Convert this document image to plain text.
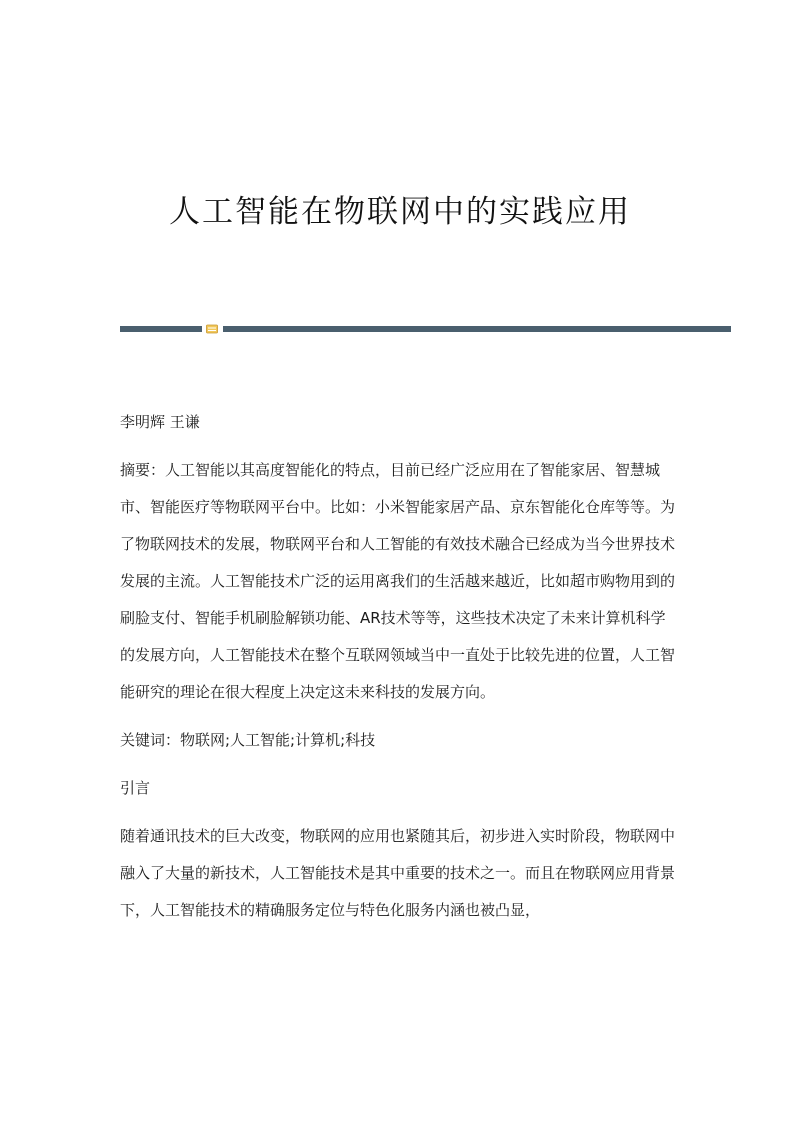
人工智能在物联网中的实践应用

李明辉 王谦

摘要：人工智能以其高度智能化的特点，目前已经广泛应用在了智能家居、智慧城市、智能医疗等物联网平台中。比如：小米智能家居产品、京东智能化仓库等等。为了物联网技术的发展，物联网平台和人工智能的有效技术融合已经成为当今世界技术发展的主流。人工智能技术广泛的运用离我们的生活越来越近，比如超市购物用到的刷脸支付、智能手机刷脸解锁功能、AR技术等等，这些技术决定了未来计算机科学的发展方向，人工智能技术在整个互联网领域当中一直处于比较先进的位置，人工智能研究的理论在很大程度上决定这未来科技的发展方向。

关键词：物联网;人工智能;计算机;科技

引言

随着通讯技术的巨大改变，物联网的应用也紧随其后，初步进入实时阶段，物联网中融入了大量的新技术，人工智能技术是其中重要的技术之一。而且在物联网应用背景下，人工智能技术的精确服务定位与特色化服务内涵也被凸显，
